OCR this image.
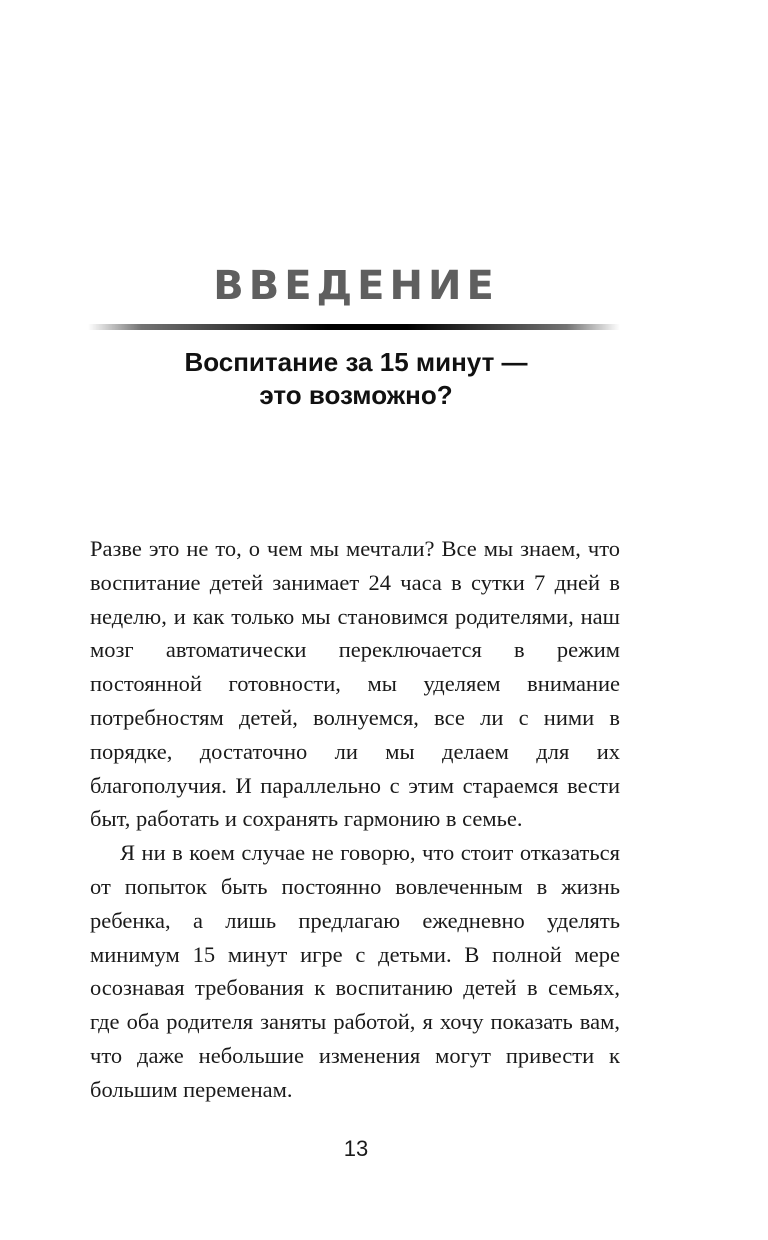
ВВЕДЕНИЕ
Воспитание за 15 минут —
это возможно?

Разве это не то, о чем мы мечтали? Все мы знаем, что воспитание детей занимает 24 часа в сутки 7 дней в неделю, и как только мы становимся родителями, наш мозг автоматически переключается в режим постоянной готовности, мы уделяем внимание потребностям детей, волнуемся, все ли с ними в порядке, достаточно ли мы делаем для их благополучия. И параллельно с этим стараемся вести быт, работать и сохранять гармонию в семье.

Я ни в коем случае не говорю, что стоит отказаться от попыток быть постоянно вовлеченным в жизнь ребенка, а лишь предлагаю ежедневно уделять минимум 15 минут игре с детьми. В полной мере осознавая требования к воспитанию детей в семьях, где оба родителя заняты работой, я хочу показать вам, что даже небольшие изменения могут привести к большим переменам.

13
